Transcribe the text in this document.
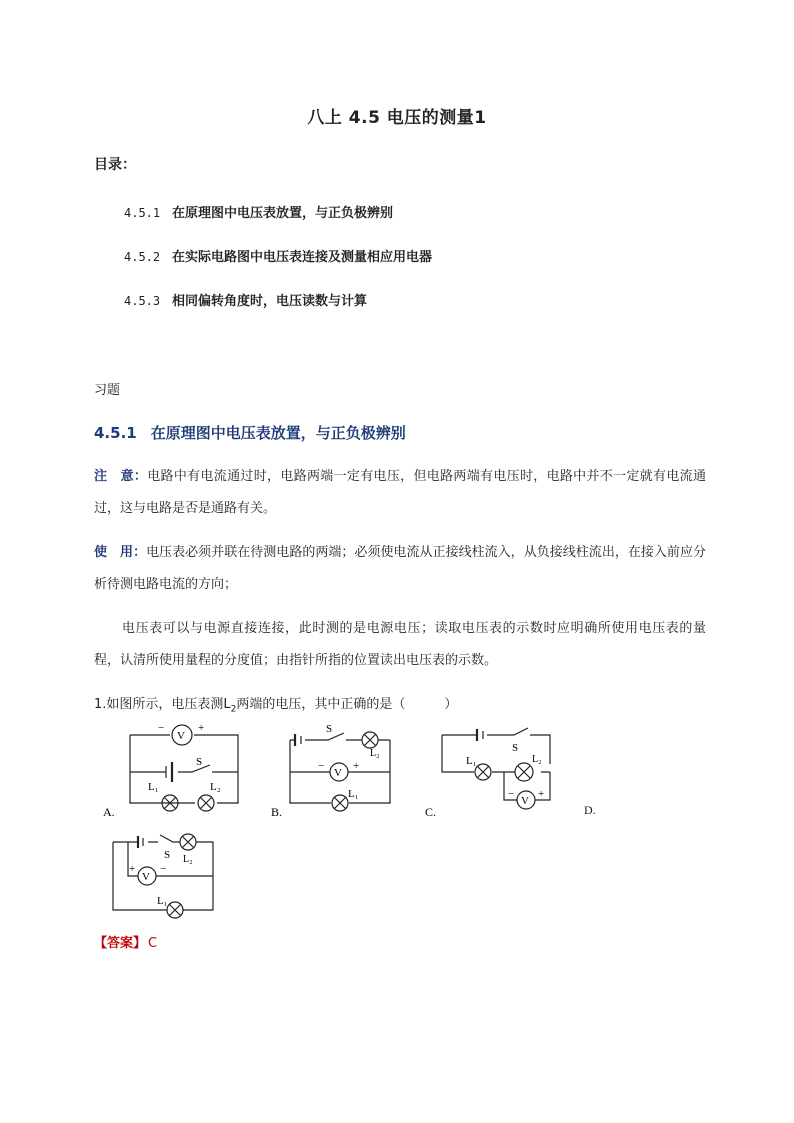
八上 4.5 电压的测量1
目录：
4.5.1 在原理图中电压表放置，与正负极辨别
4.5.2 在实际电路图中电压表连接及测量相应用电器
4.5.3 相同偏转角度时，电压读数与计算
习题
4.5.1 在原理图中电压表放置，与正负极辨别
注　意：电路中有电流通过时，电路两端一定有电压，但电路两端有电压时，电路中并不一定就有电流通过，这与电路是否是通路有关。
使　用：电压表必须并联在待测电路的两端；必须使电流从正接线柱流入，从负接线柱流出，在接入前应分析待测电路电流的方向；
电压表可以与电源直接连接，此时测的是电源电压；读取电压表的示数时应明确所使用电压表的量程，认清所使用量程的分度值；由指针所指的位置读出电压表的示数。
1.如图所示，电压表测$L_2$两端的电压，其中正确的是（　　　）
V
−	+
S
L₁	L₂
A.
V
−	+
S
L₂
L₁
B.
V
− +
S
L₁	L₂
C.	D.
V
+ −
S L₂
L₁
【答案】 C
